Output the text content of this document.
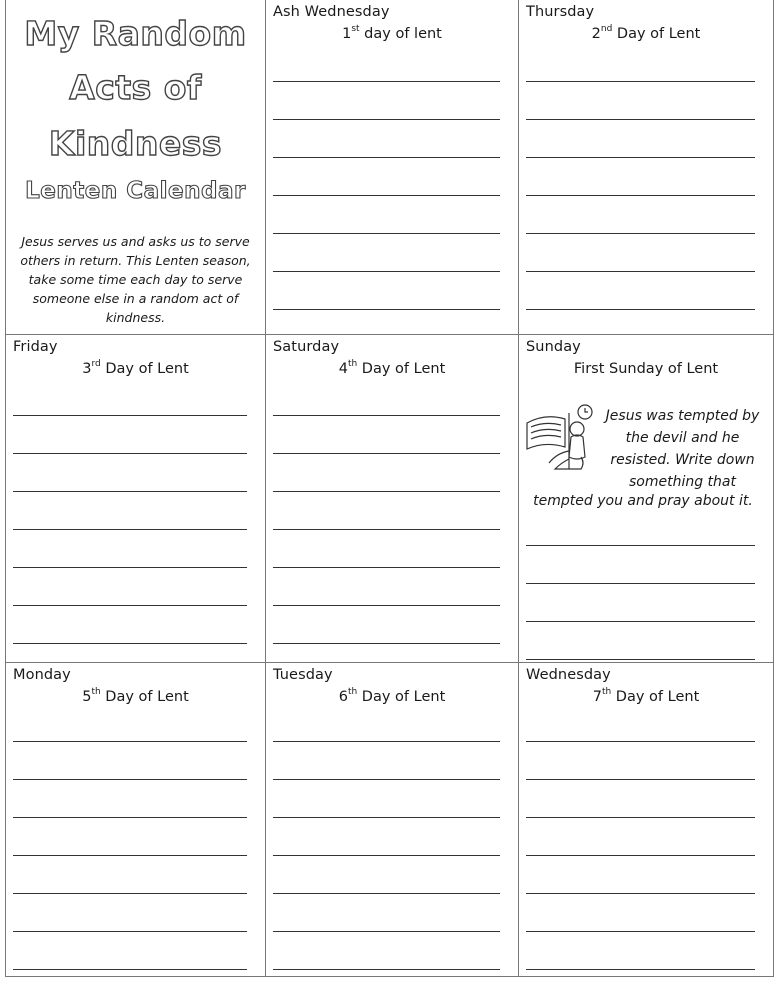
My Random
Acts of
Kindness
Lenten Calendar
Jesus serves us and asks us to serve others in return. This Lenten season, take some time each day to serve someone else in a random act of kindness.
Ash Wednesday
1st day of lent
Thursday
2nd Day of Lent
Friday
3rd Day of Lent
Saturday
4th Day of Lent
Sunday
First Sunday of Lent
Jesus was tempted by the devil and he resisted. Write down something that
tempted you and pray about it.
Monday
5th Day of Lent
Tuesday
6th Day of Lent
Wednesday
7th Day of Lent
